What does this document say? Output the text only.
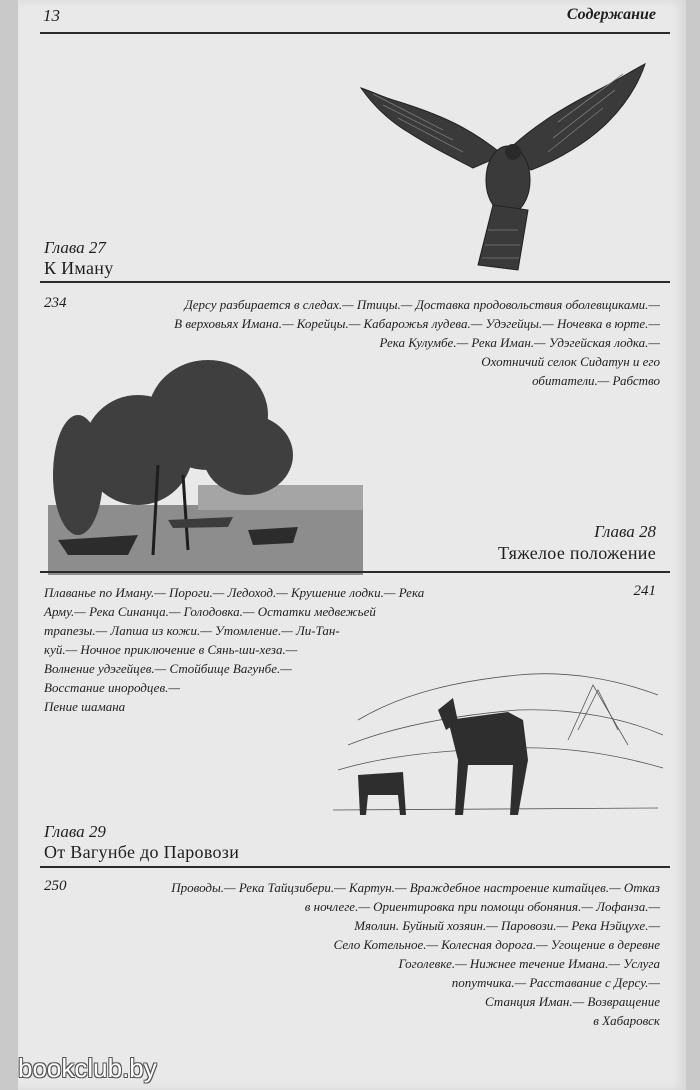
13	Содержание
Глава 27
К Иману
234	Дерсу разбирается в следах.— Птицы.— Доставка продовольствия оболевщиками.—
В верховьях Имана.— Корейцы.— Кабарожья лудева.— Удэгейцы.— Ночевка в юрте.—
Река Кулумбе.— Река Иман.— Удэгейская лодка.—
Охотничий селок Сидатун и его
обитатели.— Рабство
Глава 28
Тяжелое положение
241
Плаванье по Иману.— Пороги.— Ледоход.— Крушение лодки.— Река
Арму.— Река Синанца.— Голодовка.— Остатки медвежьей
трапезы.— Лапша из кожи.— Утомление.— Ли-Тан-
куй.— Ночное приключение в Сянь-ши-хеза.—
Волнение удэгейцев.— Стойбище Вагунбе.—
Восстание инородцев.—
Пение шамана
Глава 29
От Вагунбе до Паровози
250	Проводы.— Река Тайцзибери.— Картун.— Враждебное настроение китайцев.— Отказ
в ночлеге.— Ориентировка при помощи обоняния.— Лофанза.—
Мяолин. Буйный хозяин.— Паровози.— Река Нэйцухе.—
Село Котельное.— Колесная дорога.— Угощение в деревне
Гоголевке.— Нижнее течение Имана.— Услуга
попутчика.— Расставание с Дерсу.—
Станция Иман.— Возвращение
в Хабаровск
bookclub.by
